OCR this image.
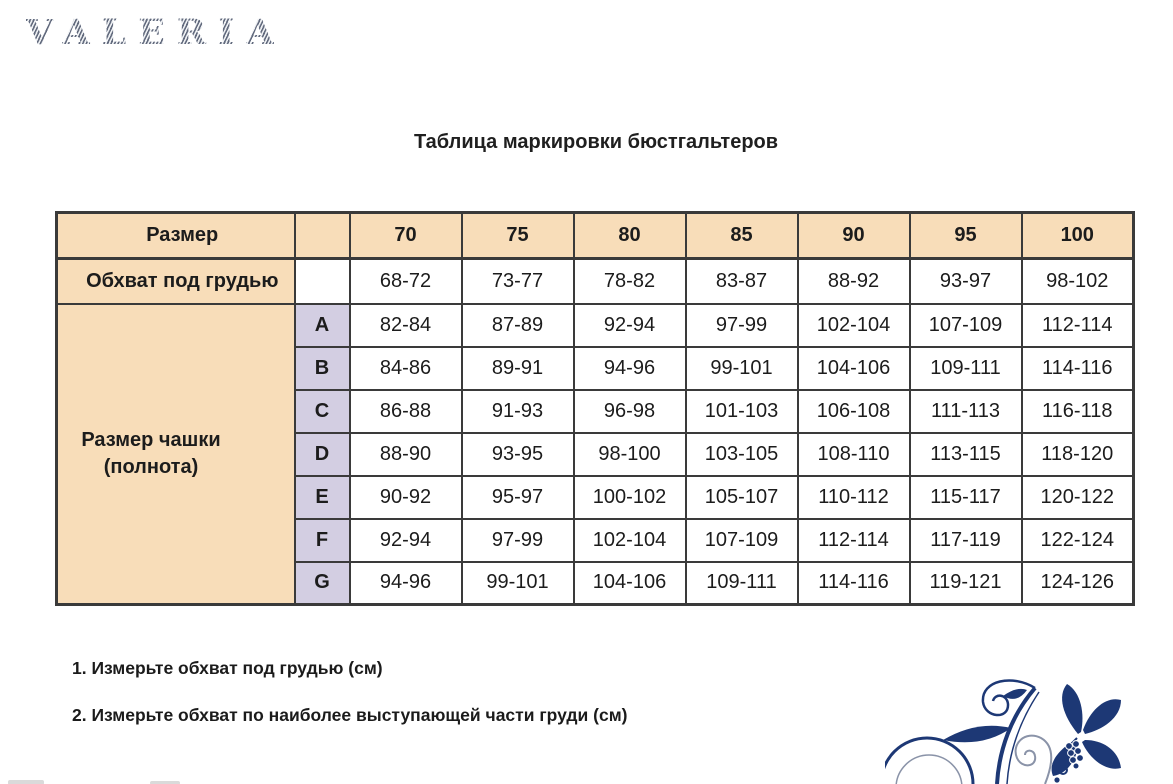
VALERIA
Таблица маркировки бюстгальтеров
Размер		70	75	80	85	90	95	100
Обхват под грудью		68-72	73-77	78-82	83-87	88-92	93-97	98-102

Размер чашки (полнота)	A	82-84	87-89	92-94	97-99	102-104	107-109	112-114
	B	84-86	89-91	94-96	99-101	104-106	109-111	114-116
	C	86-88	91-93	96-98	101-103	106-108	111-113	116-118
	D	88-90	93-95	98-100	103-105	108-110	113-115	118-120
	E	90-92	95-97	100-102	105-107	110-112	115-117	120-122
	F	92-94	97-99	102-104	107-109	112-114	117-119	122-124
	G	94-96	99-101	104-106	109-111	114-116	119-121	124-126
1. Измерьте обхват под грудью (см)
2. Измерьте обхват по наиболее выступающей части груди (см)
